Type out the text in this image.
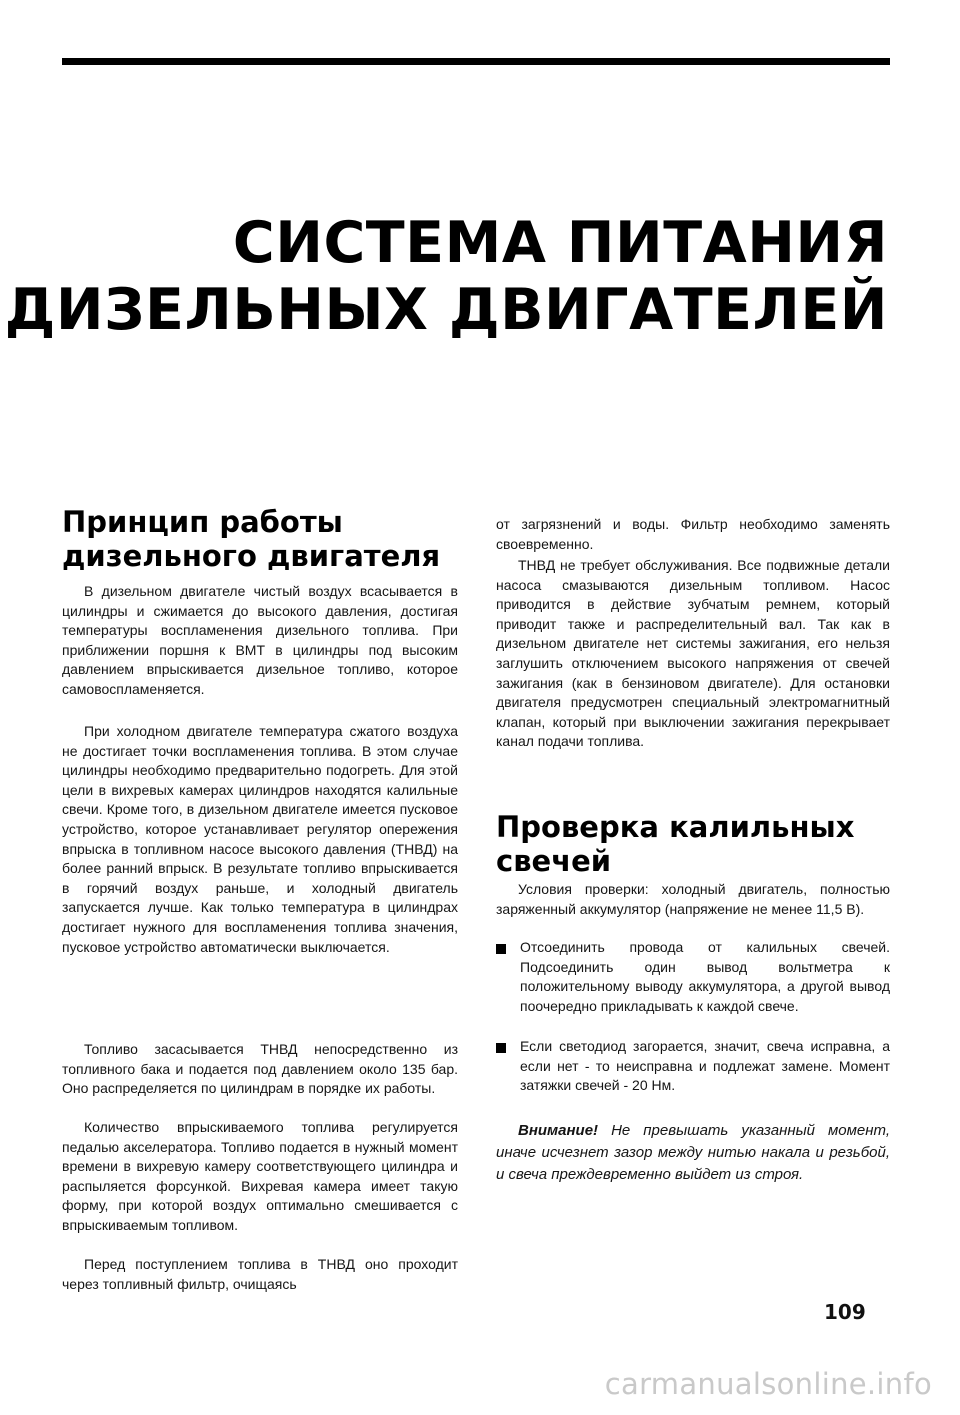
СИСТЕМА ПИТАНИЯ
ДИЗЕЛЬНЫХ ДВИГАТЕЛЕЙ
Принцип работы
дизельного двигателя

В дизельном двигателе чистый воздух всасывается в цилиндры и сжимается до высокого давления, достигая температуры воспламенения дизельного топлива. При приближении поршня к ВМТ в цилиндры под высоким давлением впрыскивается дизельное топливо, которое самовоспламеняется.

При холодном двигателе температура сжатого воздуха не достигает точки воспламенения топлива. В этом случае цилиндры необходимо предварительно подогреть. Для этой цели в вихревых камерах цилиндров находятся калильные свечи. Кроме того, в дизельном двигателе имеется пусковое устройство, которое устанавливает регулятор опережения впрыска в топливном насосе высокого давления (ТНВД) на более ранний впрыск. В результате топливо впрыскивается в горячий воздух раньше, и холодный двигатель запускается лучше. Как только температура в цилиндрах достигает нужного для воспламенения топлива значения, пусковое устройство автоматически выключается.

Топливо засасывается ТНВД непосредственно из топливного бака и подается под давлением около 135 бар. Оно распределяется по цилиндрам в порядке их работы.

Количество впрыскиваемого топлива регулируется педалью акселератора. Топливо подается в нужный момент времени в вихревую камеру соответствующего цилиндра и распыляется форсункой. Вихревая камера имеет такую форму, при которой воздух оптимально смешивается с впрыскиваемым топливом.

Перед поступлением топлива в ТНВД оно проходит через топливный фильтр, очищаясь

от загрязнений и воды. Фильтр необходимо заменять своевременно.

ТНВД не требует обслуживания. Все подвижные детали насоса смазываются дизельным топливом. Насос приводится в действие зубчатым ремнем, который приводит также и распределительный вал. Так как в дизельном двигателе нет системы зажигания, его нельзя заглушить отключением высокого напряжения от свечей зажигания (как в бензиновом двигателе). Для остановки двигателя предусмотрен специальный электромагнитный клапан, который при выключении зажигания перекрывает канал подачи топлива.

Проверка калильных
свечей

Условия проверки: холодный двигатель, полностью заряженный аккумулятор (напряжение не менее 11,5 В).

Отсоединить провода от калильных свечей. Подсоединить один вывод вольтметра к положительному выводу аккумулятора, а другой вывод поочередно прикладывать к каждой свече.
Если светодиод загорается, значит, свеча исправна, а если нет - то неисправна и подлежат замене. Момент затяжки свечей - 20 Нм.

Внимание! Не превышать указанный момент, иначе исчезнет зазор между нитью накала и резьбой, и свеча преждевременно выйдет из строя.

109
carmanualsonline.info
